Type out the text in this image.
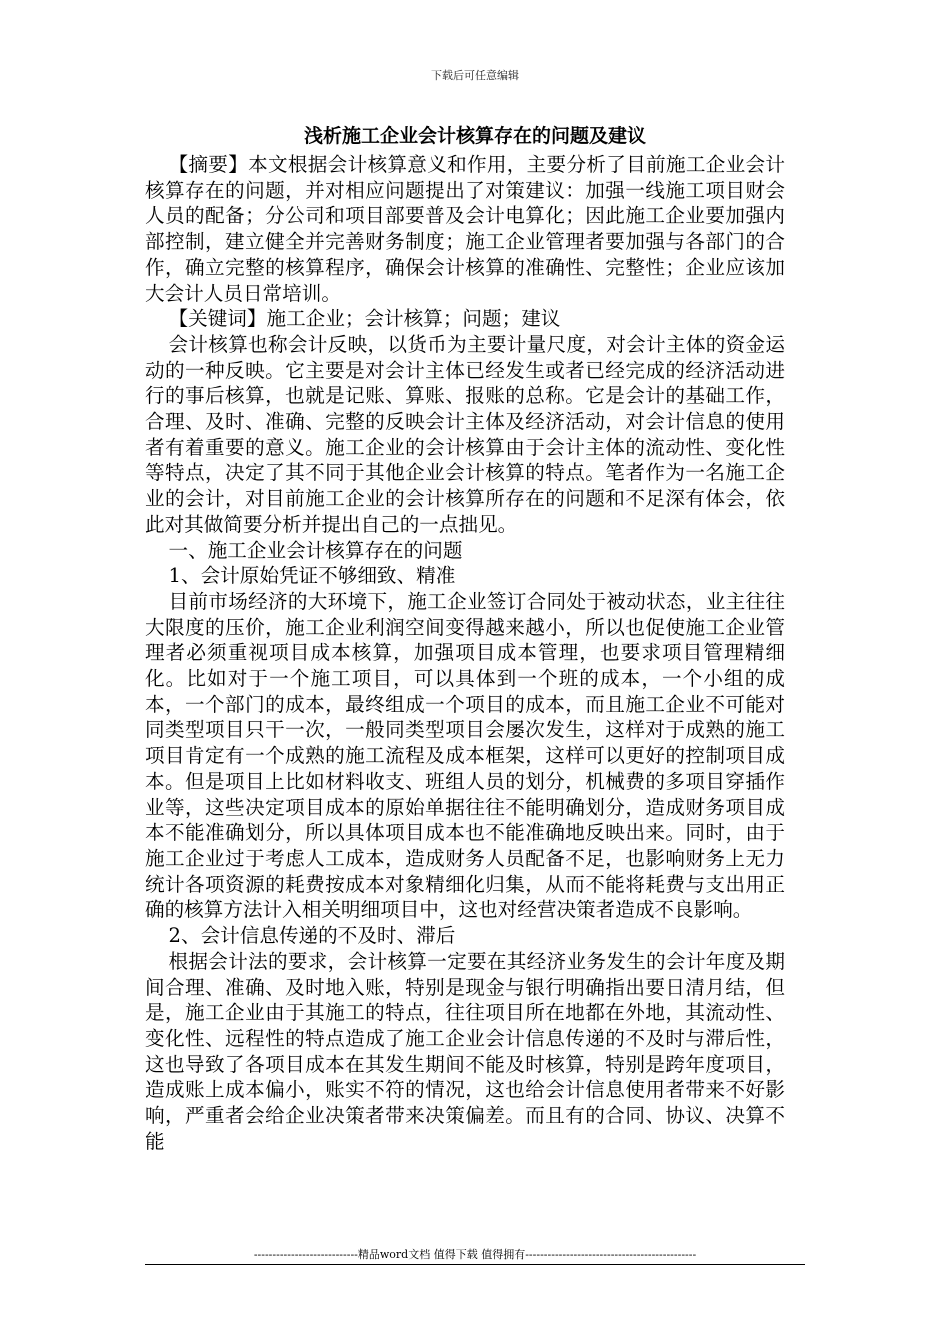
下载后可任意编辑
浅析施工企业会计核算存在的问题及建议

【摘要】本文根据会计核算意义和作用，主要分析了目前施工企业会计核算存在的问题，并对相应问题提出了对策建议：加强一线施工项目财会人员的配备；分公司和项目部要普及会计电算化；因此施工企业要加强内部控制，建立健全并完善财务制度；施工企业管理者要加强与各部门的合作，确立完整的核算程序，确保会计核算的准确性、完整性；企业应该加大会计人员日常培训。

【关键词】施工企业；会计核算；问题；建议

会计核算也称会计反映，以货币为主要计量尺度，对会计主体的资金运动的一种反映。它主要是对会计主体已经发生或者已经完成的经济活动进行的事后核算，也就是记账、算账、报账的总称。它是会计的基础工作，合理、及时、准确、完整的反映会计主体及经济活动，对会计信息的使用者有着重要的意义。施工企业的会计核算由于会计主体的流动性、变化性等特点，决定了其不同于其他企业会计核算的特点。笔者作为一名施工企业的会计，对目前施工企业的会计核算所存在的问题和不足深有体会，依此对其做简要分析并提出自己的一点拙见。

一、施工企业会计核算存在的问题

1、会计原始凭证不够细致、精准

目前市场经济的大环境下，施工企业签订合同处于被动状态，业主往往大限度的压价，施工企业利润空间变得越来越小，所以也促使施工企业管理者必须重视项目成本核算，加强项目成本管理，也要求项目管理精细化。比如对于一个施工项目，可以具体到一个班的成本，一个小组的成本，一个部门的成本，最终组成一个项目的成本，而且施工企业不可能对同类型项目只干一次，一般同类型项目会屡次发生，这样对于成熟的施工项目肯定有一个成熟的施工流程及成本框架，这样可以更好的控制项目成本。但是项目上比如材料收支、班组人员的划分，机械费的多项目穿插作业等，这些决定项目成本的原始单据往往不能明确划分，造成财务项目成本不能准确划分，所以具体项目成本也不能准确地反映出来。同时，由于施工企业过于考虑人工成本，造成财务人员配备不足，也影响财务上无力统计各项资源的耗费按成本对象精细化归集，从而不能将耗费与支出用正确的核算方法计入相关明细项目中，这也对经营决策者造成不良影响。

2、会计信息传递的不及时、滞后

根据会计法的要求，会计核算一定要在其经济业务发生的会计年度及期间合理、准确、及时地入账，特别是现金与银行明确指出要日清月结，但是，施工企业由于其施工的特点，往往项目所在地都在外地，其流动性、变化性、远程性的特点造成了施工企业会计信息传递的不及时与滞后性，这也导致了各项目成本在其发生期间不能及时核算，特别是跨年度项目，造成账上成本偏小，账实不符的情况，这也给会计信息使用者带来不好影响，严重者会给企业决策者带来决策偏差。而且有的合同、协议、决算不能

----------------------------精品word文档 值得下载 值得拥有----------------------------------------------
